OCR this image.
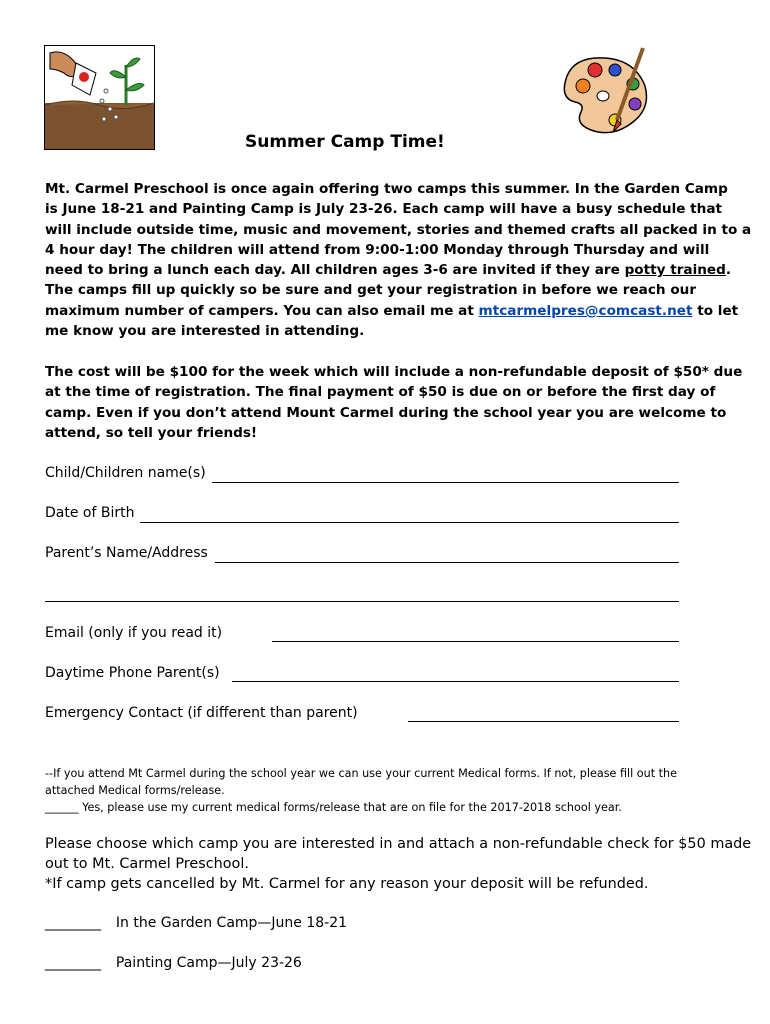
Summer Camp Time!
Mt. Carmel Preschool is once again offering two camps this summer. In the Garden Camp
is June 18-21 and Painting Camp is July 23-26. Each camp will have a busy schedule that
will include outside time, music and movement, stories and themed crafts all packed in to a
4 hour day! The children will attend from 9:00-1:00 Monday through Thursday and will
need to bring a lunch each day. All children ages 3-6 are invited if they are potty trained.
The camps fill up quickly so be sure and get your registration in before we reach our
maximum number of campers. You can also email me at mtcarmelpres@comcast.net to let
me know you are interested in attending.
The cost will be $100 for the week which will include a non-refundable deposit of $50* due
at the time of registration. The final payment of $50 is due on or before the first day of
camp. Even if you don’t attend Mount Carmel during the school year you are welcome to
attend, so tell your friends!
Child/Children name(s)
Date of Birth
Parent’s Name/Address
Email (only if you read it)
Daytime Phone Parent(s)
Emergency Contact (if different than parent)
--If you attend Mt Carmel during the school year we can use your current Medical forms. If not, please fill out the
attached Medical forms/release.
______ Yes, please use my current medical forms/release that are on file for the 2017-2018 school year.
Please choose which camp you are interested in and attach a non-refundable check for $50 made
out to Mt. Carmel Preschool.
*If camp gets cancelled by Mt. Carmel for any reason your deposit will be refunded.
________ In the Garden Camp—June 18-21
________ Painting Camp—July 23-26
